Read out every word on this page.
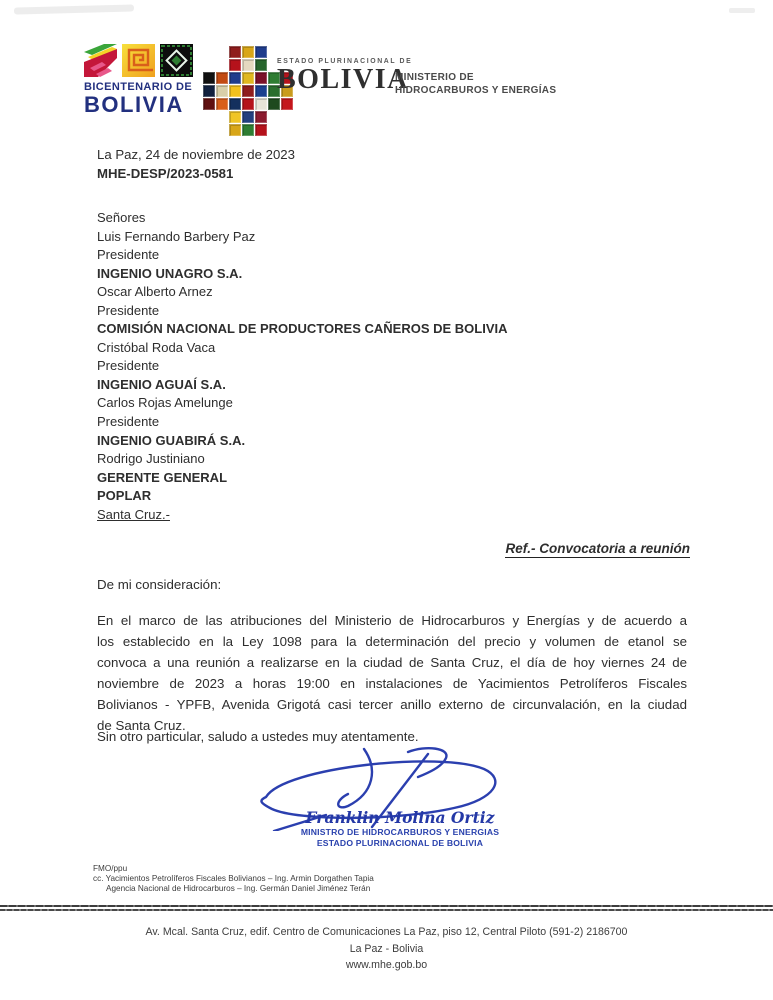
BICENTENARIO DE
BOLIVIA
ESTADO PLURINACIONAL DE
BOLIVIA
MINISTERIO DE
HIDROCARBUROS Y ENERGÍAS
La Paz, 24 de noviembre de 2023
MHE-DESP/2023-0581
Señores
Luis Fernando Barbery Paz
Presidente
INGENIO UNAGRO S.A.
Oscar Alberto Arnez
Presidente
COMISIÓN NACIONAL DE PRODUCTORES CAÑEROS DE BOLIVIA
Cristóbal Roda Vaca
Presidente
INGENIO AGUAÍ S.A.
Carlos Rojas Amelunge
Presidente
INGENIO GUABIRÁ S.A.
Rodrigo Justiniano
GERENTE GENERAL
POPLAR
Santa Cruz.-
Ref.- Convocatoria a reunión
De mi consideración:
En el marco de las atribuciones del Ministerio de Hidrocarburos y Energías y de acuerdo a
los establecido en la Ley 1098 para la determinación del precio y volumen de etanol se
convoca a una reunión a realizarse en la ciudad de Santa Cruz, el día de hoy viernes 24 de
noviembre de 2023 a horas 19:00 en instalaciones de Yacimientos Petrolíferos Fiscales
Bolivianos - YPFB, Avenida Grigotá casi tercer anillo externo de circunvalación, en la ciudad
de Santa Cruz.
Sin otro particular, saludo a ustedes muy atentamente.
Franklin Molina Ortiz
MINISTRO DE HIDROCARBUROS Y ENERGIAS
ESTADO PLURINACIONAL DE BOLIVIA
FMO/ppu
cc. Yacimientos Petrolíferos Fiscales Bolivianos – Ing. Armin Dorgathen Tapia
Agencia Nacional de Hidrocarburos – Ing. Germán Daniel Jiménez Terán
Av. Mcal. Santa Cruz, edif. Centro de Comunicaciones La Paz, piso 12, Central Piloto (591-2) 2186700
La Paz - Bolivia
www.mhe.gob.bo
